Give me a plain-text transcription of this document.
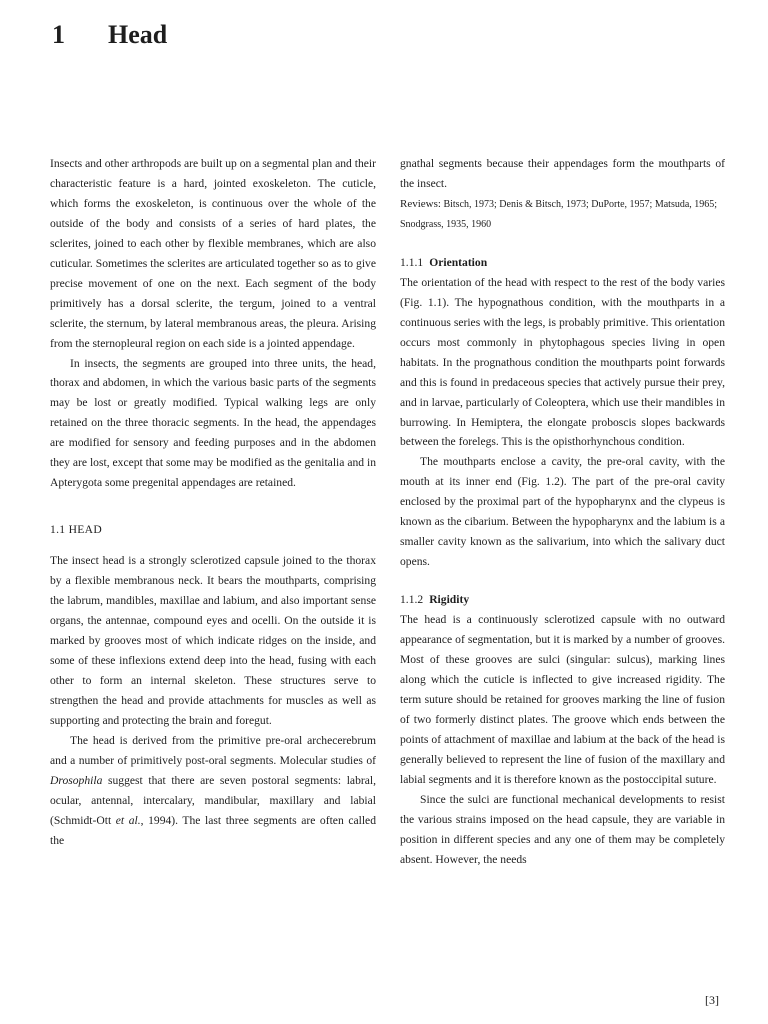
1 Head

Insects and other arthropods are built up on a segmental plan and their characteristic feature is a hard, jointed exoskeleton. The cuticle, which forms the exoskeleton, is continuous over the whole of the outside of the body and consists of a series of hard plates, the sclerites, joined to each other by flexible membranes, which are also cuticular. Sometimes the sclerites are articulated together so as to give precise movement of one on the next. Each segment of the body primitively has a dorsal sclerite, the tergum, joined to a ventral sclerite, the sternum, by lateral membranous areas, the pleura. Arising from the sternopleural region on each side is a jointed appendage.

In insects, the segments are grouped into three units, the head, thorax and abdomen, in which the various basic parts of the segments may be lost or greatly modified. Typical walking legs are only retained on the three thoracic segments. In the head, the appendages are modified for sensory and feeding purposes and in the abdomen they are lost, except that some may be modified as the genitalia and in Apterygota some pregenital appendages are retained.

1.1 HEAD

The insect head is a strongly sclerotized capsule joined to the thorax by a flexible membranous neck. It bears the mouthparts, comprising the labrum, mandibles, maxillae and labium, and also important sense organs, the antennae, compound eyes and ocelli. On the outside it is marked by grooves most of which indicate ridges on the inside, and some of these inflexions extend deep into the head, fusing with each other to form an internal skeleton. These structures serve to strengthen the head and provide attachments for muscles as well as supporting and protecting the brain and foregut.

The head is derived from the primitive pre-oral archecerebrum and a number of primitively post-oral segments. Molecular studies of Drosophila suggest that there are seven postoral segments: labral, ocular, antennal, intercalary, mandibular, maxillary and labial (Schmidt-Ott et al., 1994). The last three segments are often called the

gnathal segments because their appendages form the mouthparts of the insect.

Reviews: Bitsch, 1973; Denis & Bitsch, 1973; DuPorte, 1957; Matsuda, 1965; Snodgrass, 1935, 1960

1.1.1 Orientation

The orientation of the head with respect to the rest of the body varies (Fig. 1.1). The hypognathous condition, with the mouthparts in a continuous series with the legs, is probably primitive. This orientation occurs most commonly in phytophagous species living in open habitats. In the prognathous condition the mouthparts point forwards and this is found in predaceous species that actively pursue their prey, and in larvae, particularly of Coleoptera, which use their mandibles in burrowing. In Hemiptera, the elongate proboscis slopes backwards between the forelegs. This is the opisthorhynchous condition.

The mouthparts enclose a cavity, the pre-oral cavity, with the mouth at its inner end (Fig. 1.2). The part of the pre-oral cavity enclosed by the proximal part of the hypopharynx and the clypeus is known as the cibarium. Between the hypopharynx and the labium is a smaller cavity known as the salivarium, into which the salivary duct opens.

1.1.2 Rigidity

The head is a continuously sclerotized capsule with no outward appearance of segmentation, but it is marked by a number of grooves. Most of these grooves are sulci (singular: sulcus), marking lines along which the cuticle is inflected to give increased rigidity. The term suture should be retained for grooves marking the line of fusion of two formerly distinct plates. The groove which ends between the points of attachment of maxillae and labium at the back of the head is generally believed to represent the line of fusion of the maxillary and labial segments and it is therefore known as the postoccipital suture.

Since the sulci are functional mechanical developments to resist the various strains imposed on the head capsule, they are variable in position in different species and any one of them may be completely absent. However, the needs

[3]
